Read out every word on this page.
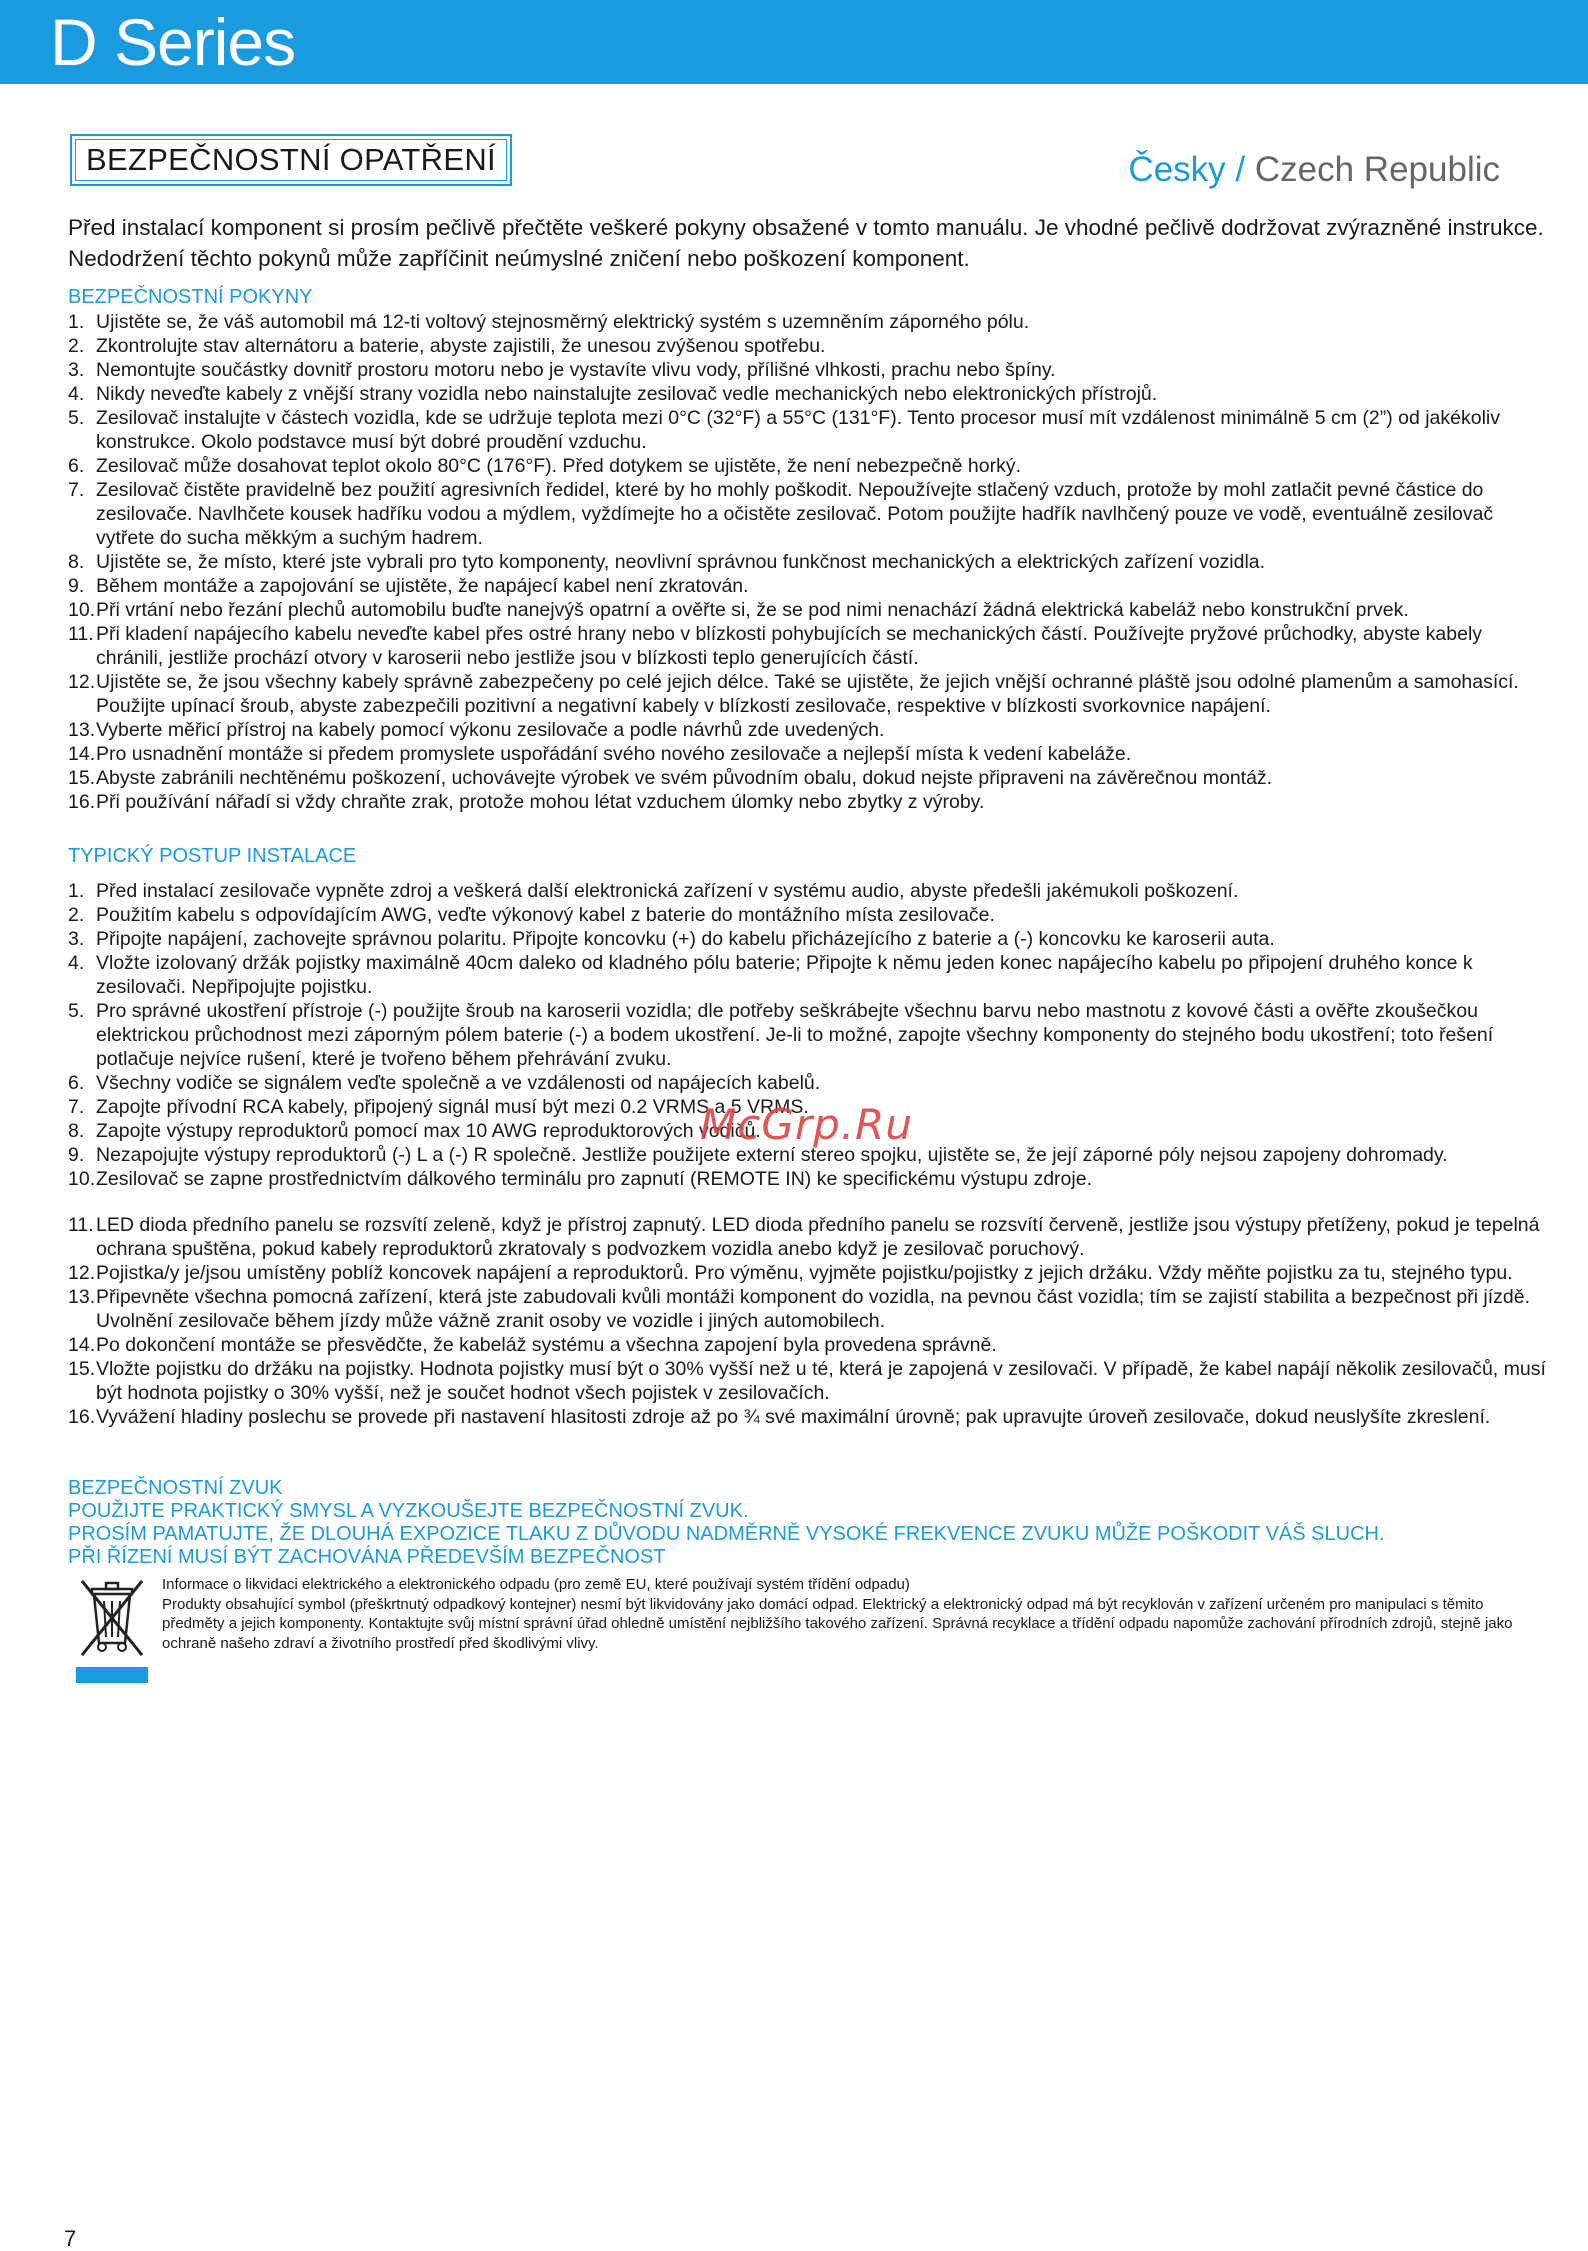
D Series
BEZPEČNOSTNÍ OPATŘENÍ	Česky / Czech Republic

Před instalací komponent si prosím pečlivě přečtěte veškeré pokyny obsažené v tomto manuálu. Je vhodné pečlivě dodržovat zvýrazněné instrukce. Nedodržení těchto pokynů může zapříčinit neúmyslné zničení nebo poškození komponent.

BEZPEČNOSTNÍ POKYNY
1. Ujistěte se, že váš automobil má 12-ti voltový stejnosměrný elektrický systém s uzemněním záporného pólu.
2. Zkontrolujte stav alternátoru a baterie, abyste zajistili, že unesou zvýšenou spotřebu.
3. Nemontujte součástky dovnitř prostoru motoru nebo je vystavíte vlivu vody, přílišné vlhkosti, prachu nebo špíny.
4. Nikdy neveďte kabely z vnější strany vozidla nebo nainstalujte zesilovač vedle mechanických nebo elektronických přístrojů.
5. Zesilovač instalujte v částech vozidla, kde se udržuje teplota mezi 0°C (32°F) a 55°C (131°F). Tento procesor musí mít vzdálenost minimálně 5 cm (2”) od jakékoliv konstrukce. Okolo podstavce musí být dobré proudění vzduchu.
6. Zesilovač může dosahovat teplot okolo 80°C (176°F). Před dotykem se ujistěte, že není nebezpečně horký.
7. Zesilovač čistěte pravidelně bez použití agresivních ředidel, které by ho mohly poškodit. Nepoužívejte stlačený vzduch, protože by mohl zatlačit pevné částice do zesilovače. Navlhčete kousek hadříku vodou a mýdlem, vyždímejte ho a očistěte zesilovač. Potom použijte hadřík navlhčený pouze ve vodě, eventuálně zesilovač vytřete do sucha měkkým a suchým hadrem.
8. Ujistěte se, že místo, které jste vybrali pro tyto komponenty, neovlivní správnou funkčnost mechanických a elektrických zařízení vozidla.
9. Během montáže a zapojování se ujistěte, že napájecí kabel není zkratován.
10. Při vrtání nebo řezání plechů automobilu buďte nanejvýš opatrní a ověřte si, že se pod nimi nenachází žádná elektrická kabeláž nebo konstrukční prvek.
11. Při kladení napájecího kabelu neveďte kabel přes ostré hrany nebo v blízkosti pohybujících se mechanických částí. Používejte pryžové průchodky, abyste kabely chránili, jestliže prochází otvory v karoserii nebo jestliže jsou v blízkosti teplo generujících částí.
12. Ujistěte se, že jsou všechny kabely správně zabezpečeny po celé jejich délce. Také se ujistěte, že jejich vnější ochranné pláště jsou odolné plamenům a samohasící. Použijte upínací šroub, abyste zabezpečili pozitivní a negativní kabely v blízkosti zesilovače, respektive v blízkosti svorkovnice napájení.
13. Vyberte měřicí přístroj na kabely pomocí výkonu zesilovače a podle návrhů zde uvedených.
14. Pro usnadnění montáže si předem promyslete uspořádání svého nového zesilovače a nejlepší místa k vedení kabeláže.
15. Abyste zabránili nechtěnému poškození, uchovávejte výrobek ve svém původním obalu, dokud nejste připraveni na závěrečnou montáž.
16. Při používání nářadí si vždy chraňte zrak, protože mohou létat vzduchem úlomky nebo zbytky z výroby.
TYPICKÝ POSTUP INSTALACE
1. Před instalací zesilovače vypněte zdroj a veškerá další elektronická zařízení v systému audio, abyste předešli jakémukoli poškození.
2. Použitím kabelu s odpovídajícím AWG, veďte výkonový kabel z baterie do montážního místa zesilovače.
3. Připojte napájení, zachovejte správnou polaritu. Připojte koncovku (+) do kabelu přicházejícího z baterie a (-) koncovku ke karoserii auta.
4. Vložte izolovaný držák pojistky maximálně 40cm daleko od kladného pólu baterie; Připojte k němu jeden konec napájecího kabelu po připojení druhého konce k zesilovači. Nepřipojujte pojistku.
5. Pro správné ukostření přístroje (-) použijte šroub na karoserii vozidla; dle potřeby seškrábejte všechnu barvu nebo mastnotu z kovové části a ověřte zkoušečkou elektrickou průchodnost mezi záporným pólem baterie (-) a bodem ukostření. Je-li to možné, zapojte všechny komponenty do stejného bodu ukostření; toto řešení potlačuje nejvíce rušení, které je tvořeno během přehrávání zvuku.
6. Všechny vodiče se signálem veďte společně a ve vzdálenosti od napájecích kabelů.
7. Zapojte přívodní RCA kabely, připojený signál musí být mezi 0.2 VRMS a 5 VRMS.
8. Zapojte výstupy reproduktorů pomocí max 10 AWG reproduktorových vodičů.
9. Nezapojujte výstupy reproduktorů (-) L a (-) R společně. Jestliže použijete externí stereo spojku, ujistěte se, že její záporné póly nejsou zapojeny dohromady.
10. Zesilovač se zapne prostřednictvím dálkového terminálu pro zapnutí (REMOTE IN) ke specifickému výstupu zdroje.
11. LED dioda předního panelu se rozsvítí zeleně, když je přístroj zapnutý. LED dioda předního panelu se rozsvítí červeně, jestliže jsou výstupy přetíženy, pokud je tepelná ochrana spuštěna, pokud kabely reproduktorů zkratovaly s podvozkem vozidla anebo když je zesilovač poruchový.
12. Pojistka/y je/jsou umístěny poblíž koncovek napájení a reproduktorů. Pro výměnu, vyjměte pojistku/pojistky z jejich držáku. Vždy měňte pojistku za tu, stejného typu.
13. Připevněte všechna pomocná zařízení, která jste zabudovali kvůli montáži komponent do vozidla, na pevnou část vozidla; tím se zajistí stabilita a bezpečnost při jízdě. Uvolnění zesilovače během jízdy může vážně zranit osoby ve vozidle i jiných automobilech.
14. Po dokončení montáže se přesvědčte, že kabeláž systému a všechna zapojení byla provedena správně.
15. Vložte pojistku do držáku na pojistky. Hodnota pojistky musí být o 30% vyšší než u té, která je zapojená v zesilovači. V případě, že kabel napájí několik zesilovačů, musí být hodnota pojistky o 30% vyšší, než je součet hodnot všech pojistek v zesilovačích.
16. Vyvážení hladiny poslechu se provede při nastavení hlasitosti zdroje až po ¾ své maximální úrovně; pak upravujte úroveň zesilovače, dokud neuslyšíte zkreslení.
BEZPEČNOSTNÍ ZVUK
POUŽIJTE PRAKTICKÝ SMYSL A VYZKOUŠEJTE BEZPEČNOSTNÍ ZVUK.
PROSÍM PAMATUJTE, ŽE DLOUHÁ EXPOZICE TLAKU Z DŮVODU NADMĚRNĚ VYSOKÉ FREKVENCE ZVUKU MŮŽE POŠKODIT VÁŠ SLUCH.
PŘI ŘÍZENÍ MUSÍ BÝT ZACHOVÁNA PŘEDEVŠÍM BEZPEČNOST

Informace o likvidaci elektrického a elektronického odpadu (pro země EU, které používají systém třídění odpadu)

Produkty obsahující symbol (přeškrtnutý odpadkový kontejner) nesmí být likvidovány jako domácí odpad. Elektrický a elektronický odpad má být recyklován v zařízení určeném pro manipulaci s těmito předměty a jejich komponenty. Kontaktujte svůj místní správní úřad ohledně umístění nejbližšího takového zařízení. Správná recyklace a třídění odpadu napomůže zachování přírodních zdrojů, stejně jako ochraně našeho zdraví a životního prostředí před škodlivými vlivy.

McGrp.Ru
7
